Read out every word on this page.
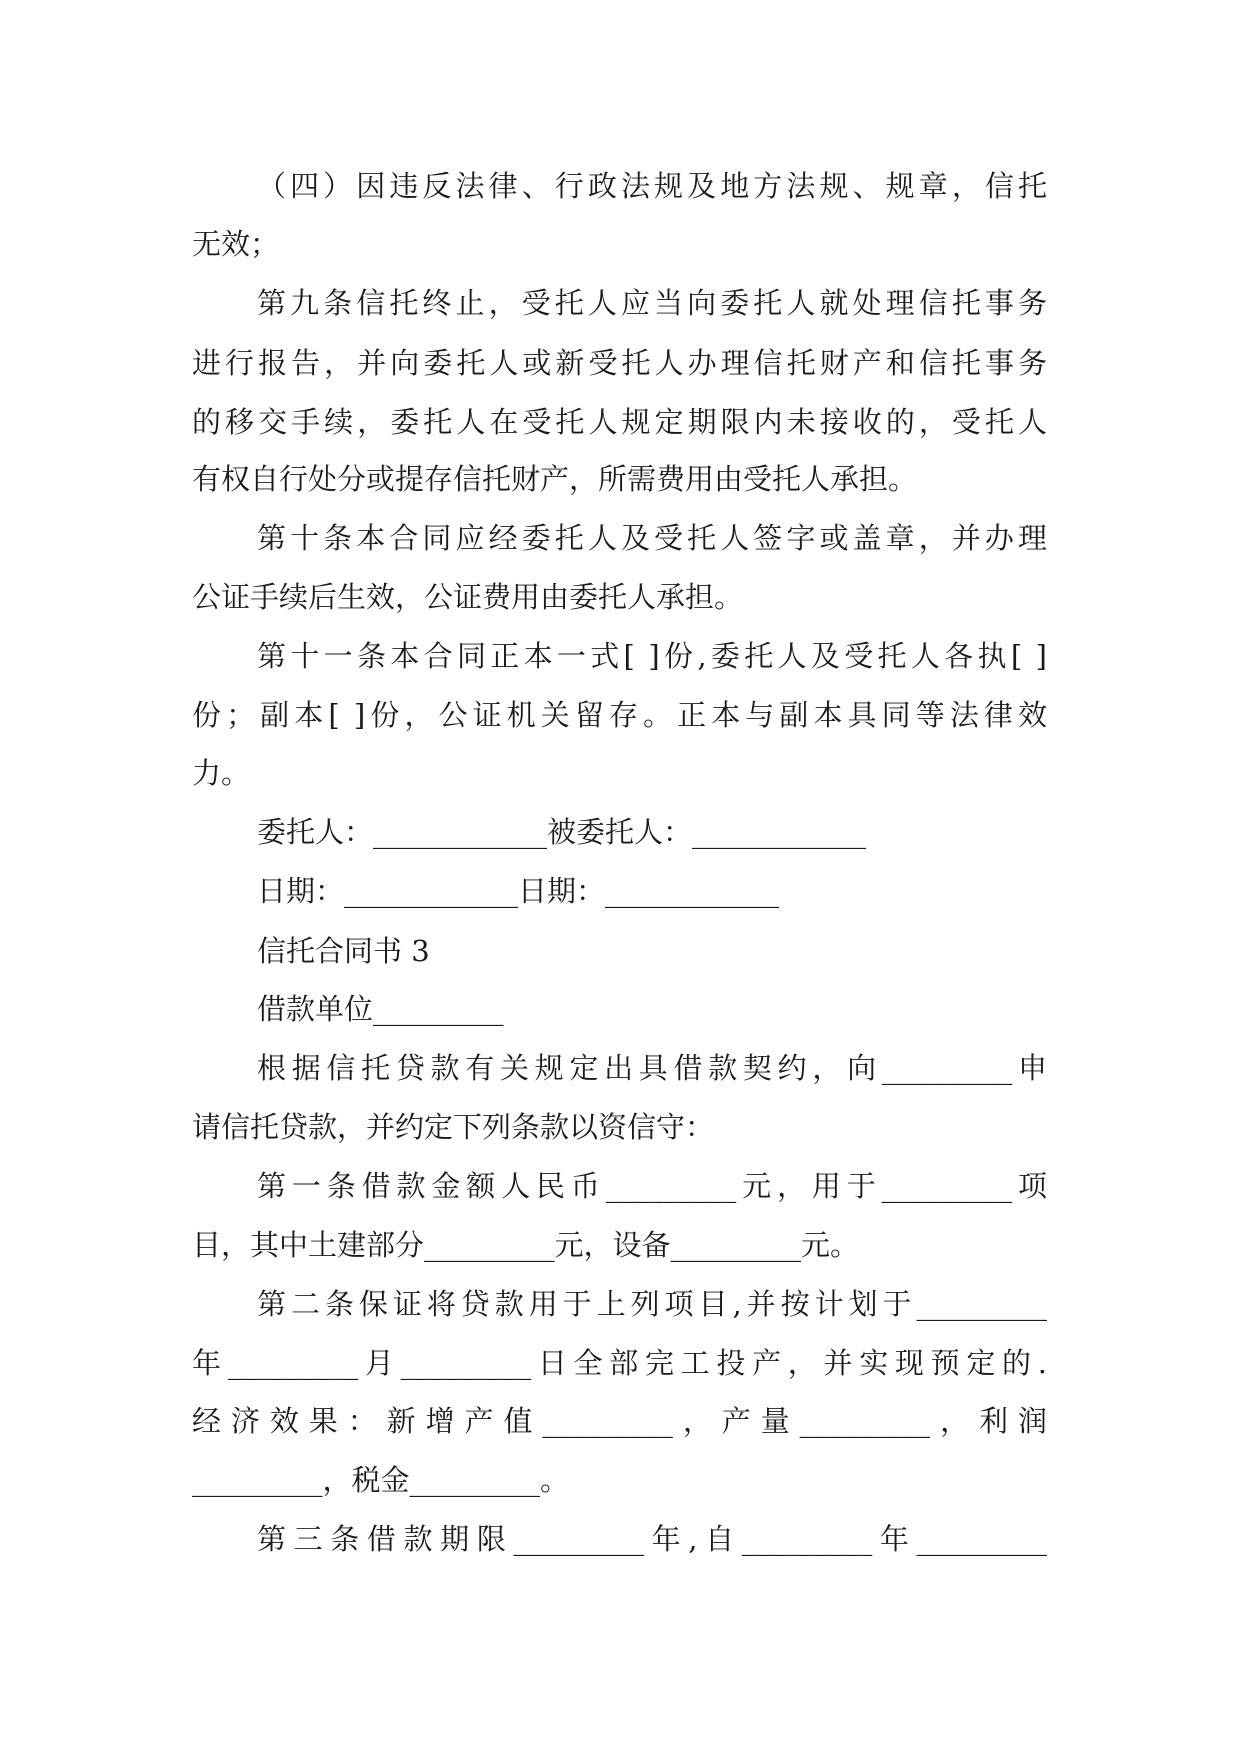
（四）因违反法律、行政法规及地方法规、规章，信托
无效；
第九条信托终止，受托人应当向委托人就处理信托事务
进行报告，并向委托人或新受托人办理信托财产和信托事务
的移交手续，委托人在受托人规定期限内未接收的，受托人
有权自行处分或提存信托财产，所需费用由受托人承担。
第十条本合同应经委托人及受托人签字或盖章，并办理
公证手续后生效，公证费用由委托人承担。
第十一条本合同正本一式[ ]份,委托人及受托人各执[ ]
份；副本[ ]份，公证机关留存。正本与副本具同等法律效
力。
委托人：____________被委托人：____________
日期：____________日期：____________
信托合同书 3
借款单位_________
根据信托贷款有关规定出具借款契约，向_________申
请信托贷款，并约定下列条款以资信守：
第一条借款金额人民币_________元，用于_________项
目，其中土建部分_________元，设备_________元。
第二条保证将贷款用于上列项目,并按计划于_________
年_________月_________日全部完工投产，并实现预定的.
经济效果：新增产值_________，产量_________，利润
_________，税金_________。
第三条借款期限_________年,自_________年_________
